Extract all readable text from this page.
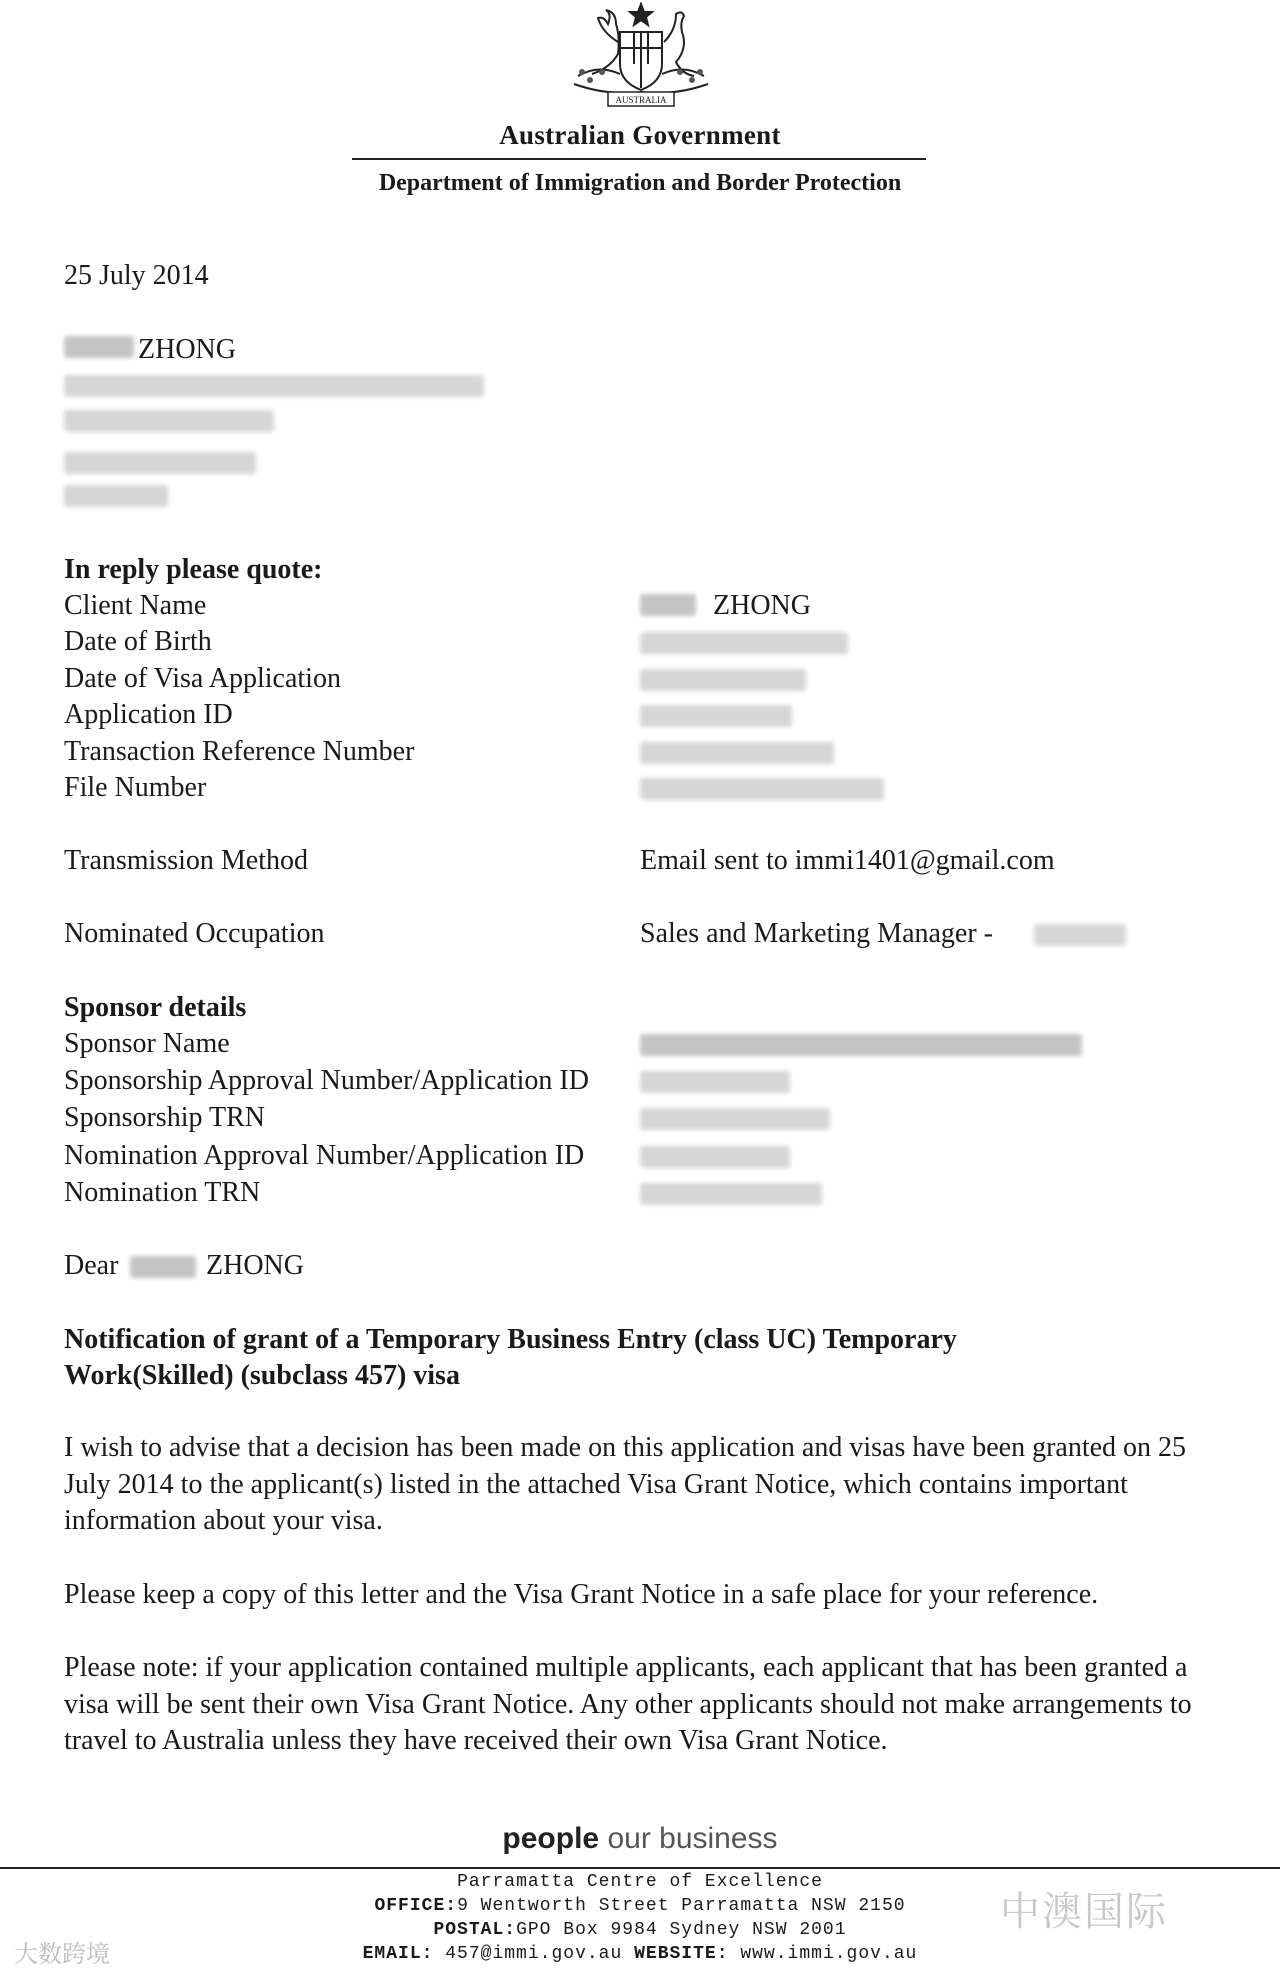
AUSTRALIA
Australian Government
Department of Immigration and Border Protection
25 July 2014
ZHONG
In reply please quote:
Client Name	ZHONG
Date of Birth
Date of Visa Application
Application ID
Transaction Reference Number
File Number
Transmission Method	Email sent to immi1401@gmail.com
Nominated Occupation	Sales and Marketing Manager -
Sponsor details
Sponsor Name
Sponsorship Approval Number/Application ID
Sponsorship TRN
Nomination Approval Number/Application ID
Nomination TRN
Dear	ZHONG
Notification of grant of a Temporary Business Entry (class UC) Temporary
Work(Skilled) (subclass 457) visa
I wish to advise that a decision has been made on this application and visas have been granted on 25 July 2014 to the applicant(s) listed in the attached Visa Grant Notice, which contains important information about your visa.
Please keep a copy of this letter and the Visa Grant Notice in a safe place for your reference.
Please note: if your application contained multiple applicants, each applicant that has been granted a visa will be sent their own Visa Grant Notice. Any other applicants should not make arrangements to travel to Australia unless they have received their own Visa Grant Notice.
people our business
Parramatta Centre of Excellence
OFFICE:9 Wentworth Street Parramatta NSW 2150
POSTAL:GPO Box 9984 Sydney NSW 2001
EMAIL: 457@immi.gov.au WEBSITE: www.immi.gov.au
大数跨境
中澳国际
